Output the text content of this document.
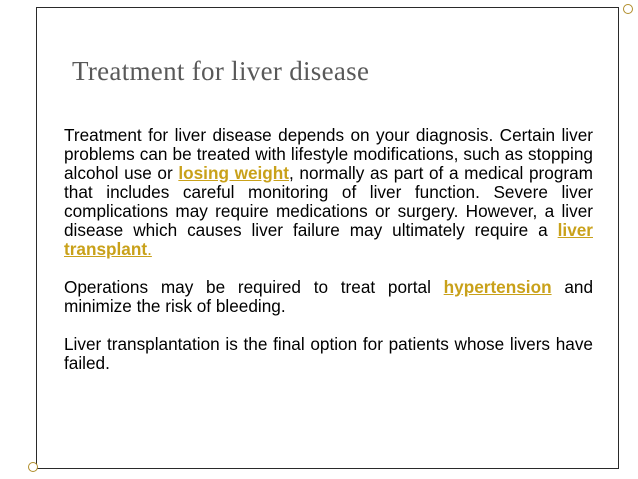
Treatment for liver disease

Treatment for liver disease depends on your diagnosis. Certain liver problems can be treated with lifestyle modifications, such as stopping alcohol use or losing weight, normally as part of a medical program that includes careful monitoring of liver function. Severe liver complications may require medications or surgery. However, a liver disease which causes liver failure may ultimately require a liver transplant.

Operations may be required to treat portal hypertension and minimize the risk of bleeding.

Liver transplantation is the final option for patients whose livers have failed.
